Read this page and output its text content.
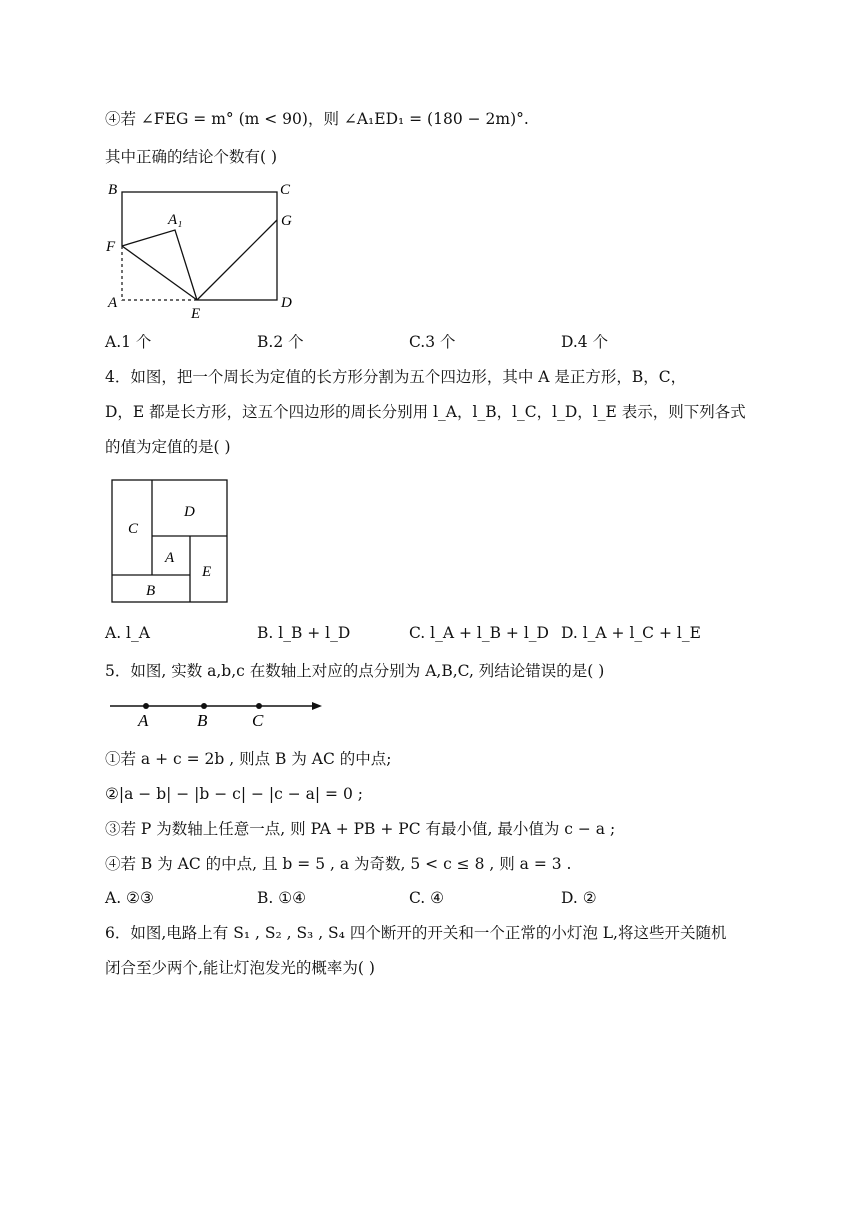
④若 ∠FEG = m° (m < 90)，则 ∠A₁ED₁ = (180 − 2m)°.
其中正确的结论个数有( )
B	C
A₁	G
F
A
E
D
A.1 个	B.2 个	C.3 个	D.4 个
4．如图，把一个周长为定值的长方形分割为五个四边形，其中 A 是正方形，B，C，
D，E 都是长方形，这五个四边形的周长分别用 l_A，l_B，l_C，l_D，l_E 表示，则下列各式
的值为定值的是( )
C
D
A
E
B
A. l_A	B. l_B + l_D	C. l_A + l_B + l_D D. l_A + l_C + l_E
5．如图, 实数 a,b,c 在数轴上对应的点分别为 A,B,C, 列结论错误的是( )
A	B	C
①若 a + c = 2b , 则点 B 为 AC 的中点;
②|a − b| − |b − c| − |c − a| = 0 ;
③若 P 为数轴上任意一点, 则 PA + PB + PC 有最小值, 最小值为 c − a ;
④若 B 为 AC 的中点, 且 b = 5 , a 为奇数, 5 < c ≤ 8 , 则 a = 3 .
A. ②③	B. ①④	C. ④	D. ②
6．如图,电路上有 S₁ , S₂ , S₃ , S₄ 四个断开的开关和一个正常的小灯泡 L,将这些开关随机
闭合至少两个,能让灯泡发光的概率为( )
